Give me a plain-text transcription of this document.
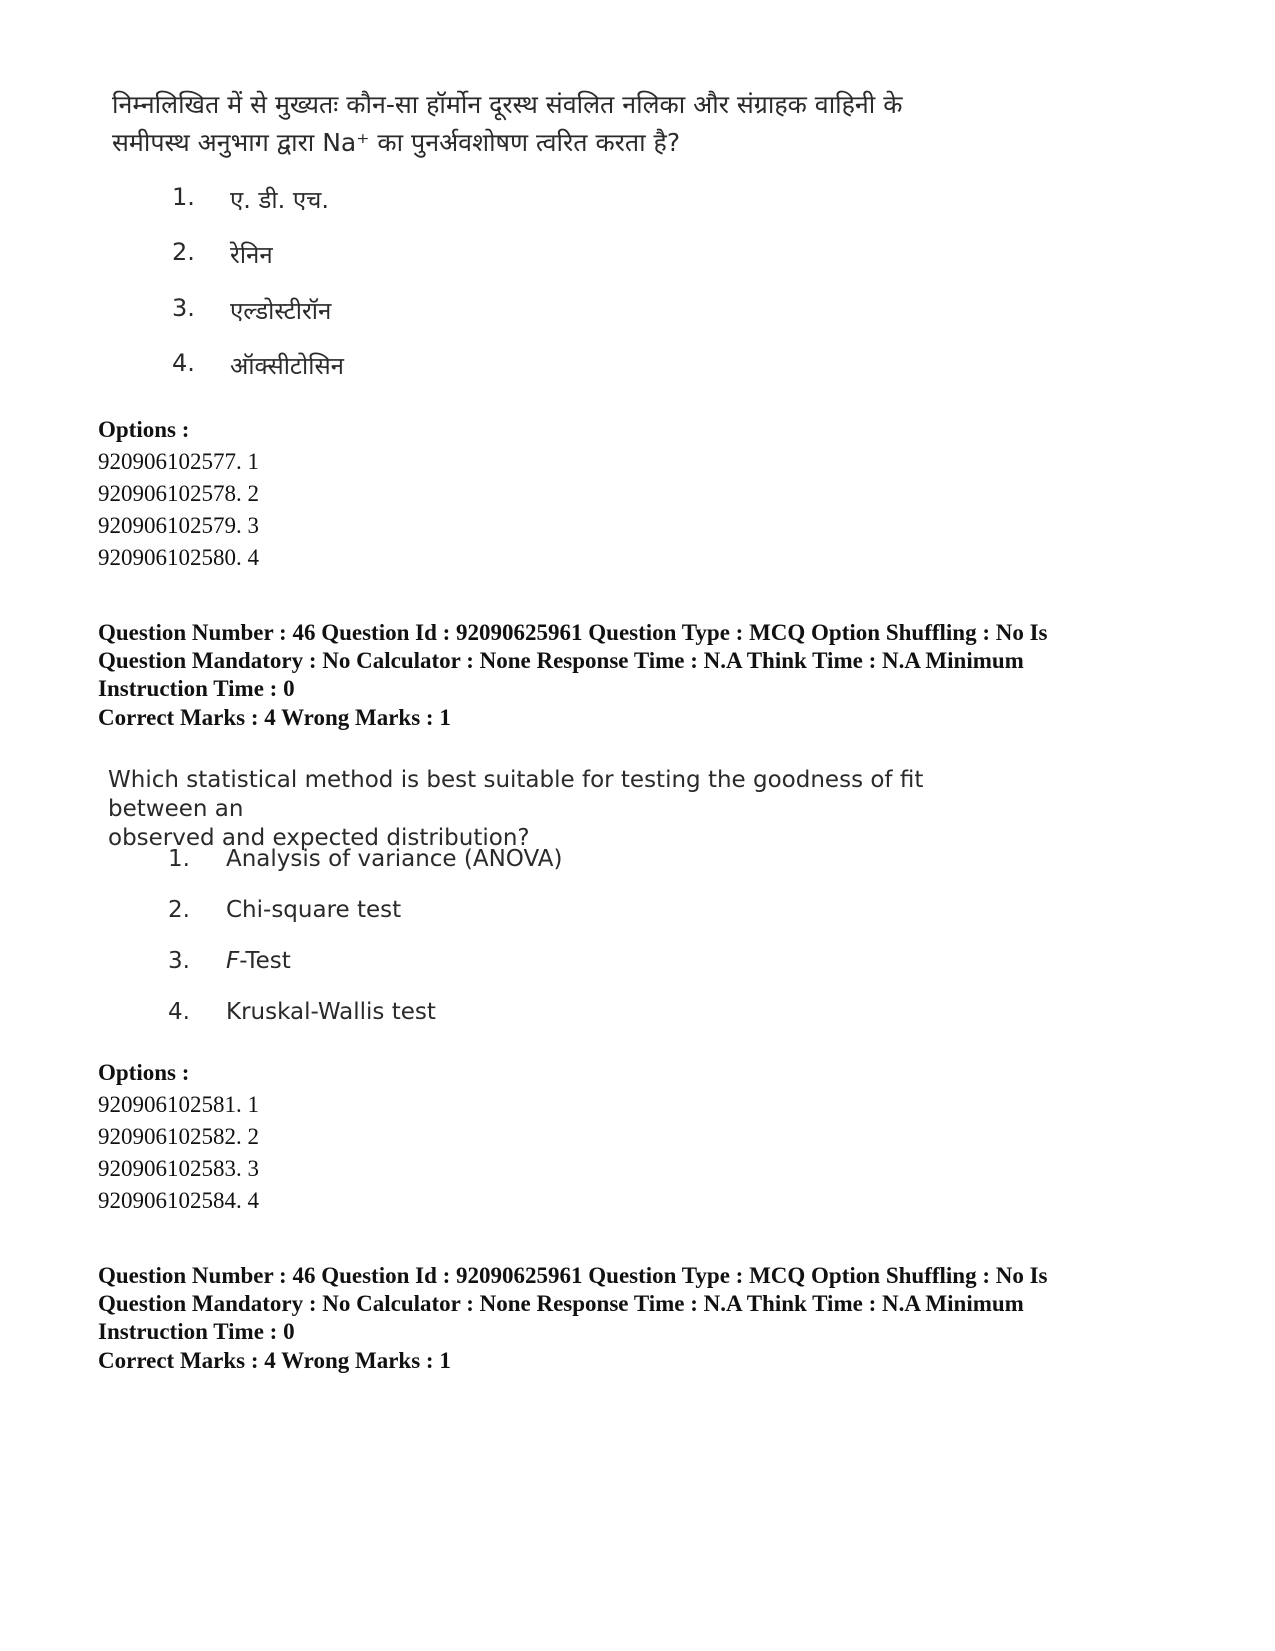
निम्नलिखित में से मुख्यतः कौन-सा हॉर्मोन दूरस्थ संवलित नलिका और संग्राहक वाहिनी के
समीपस्थ अनुभाग द्वारा Na⁺ का पुनर्अवशोषण त्वरित करता है?
1. ए. डी. एच.
2. रेनिन
3. एल्डोस्टीरॉन
4. ऑक्सीटोसिन
Options :
920906102577. 1
920906102578. 2
920906102579. 3
920906102580. 4
Question Number : 46 Question Id : 92090625961 Question Type : MCQ Option Shuffling : No Is
Question Mandatory : No Calculator : None Response Time : N.A Think Time : N.A Minimum
Instruction Time : 0
Correct Marks : 4 Wrong Marks : 1
Which statistical method is best suitable for testing the goodness of fit between an
observed and expected distribution?
1. Analysis of variance (ANOVA)
2. Chi-square test
3. F-Test
4. Kruskal-Wallis test
Options :
920906102581. 1
920906102582. 2
920906102583. 3
920906102584. 4
Question Number : 46 Question Id : 92090625961 Question Type : MCQ Option Shuffling : No Is
Question Mandatory : No Calculator : None Response Time : N.A Think Time : N.A Minimum
Instruction Time : 0
Correct Marks : 4 Wrong Marks : 1
